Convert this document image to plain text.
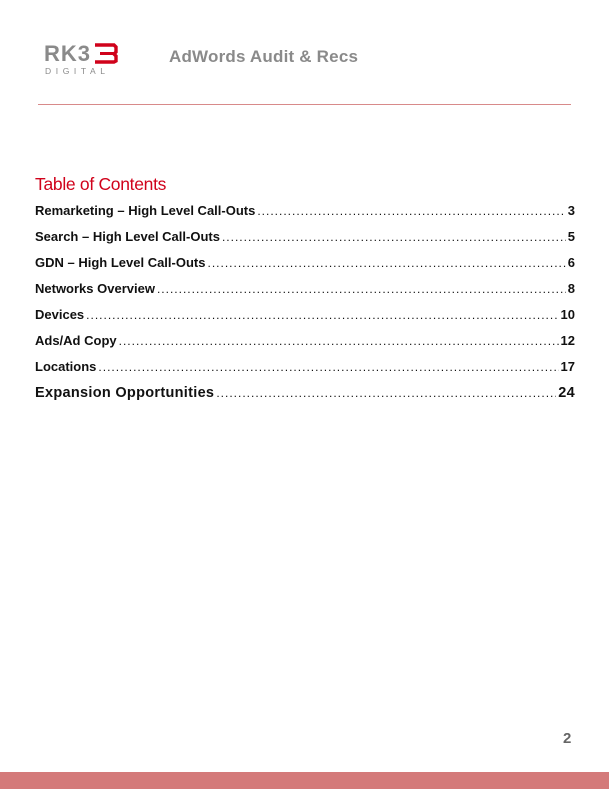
RK3
DIGITAL
AdWords Audit & Recs
Table of Contents
Remarketing – High Level Call-Outs .....	3
Search – High Level Call-Outs .....	5
GDN – High Level Call-Outs .....	6
Networks Overview .....	8
Devices .....	10
Ads/Ad Copy .....	12
Locations .....	17
Expansion Opportunities .....	24
2
